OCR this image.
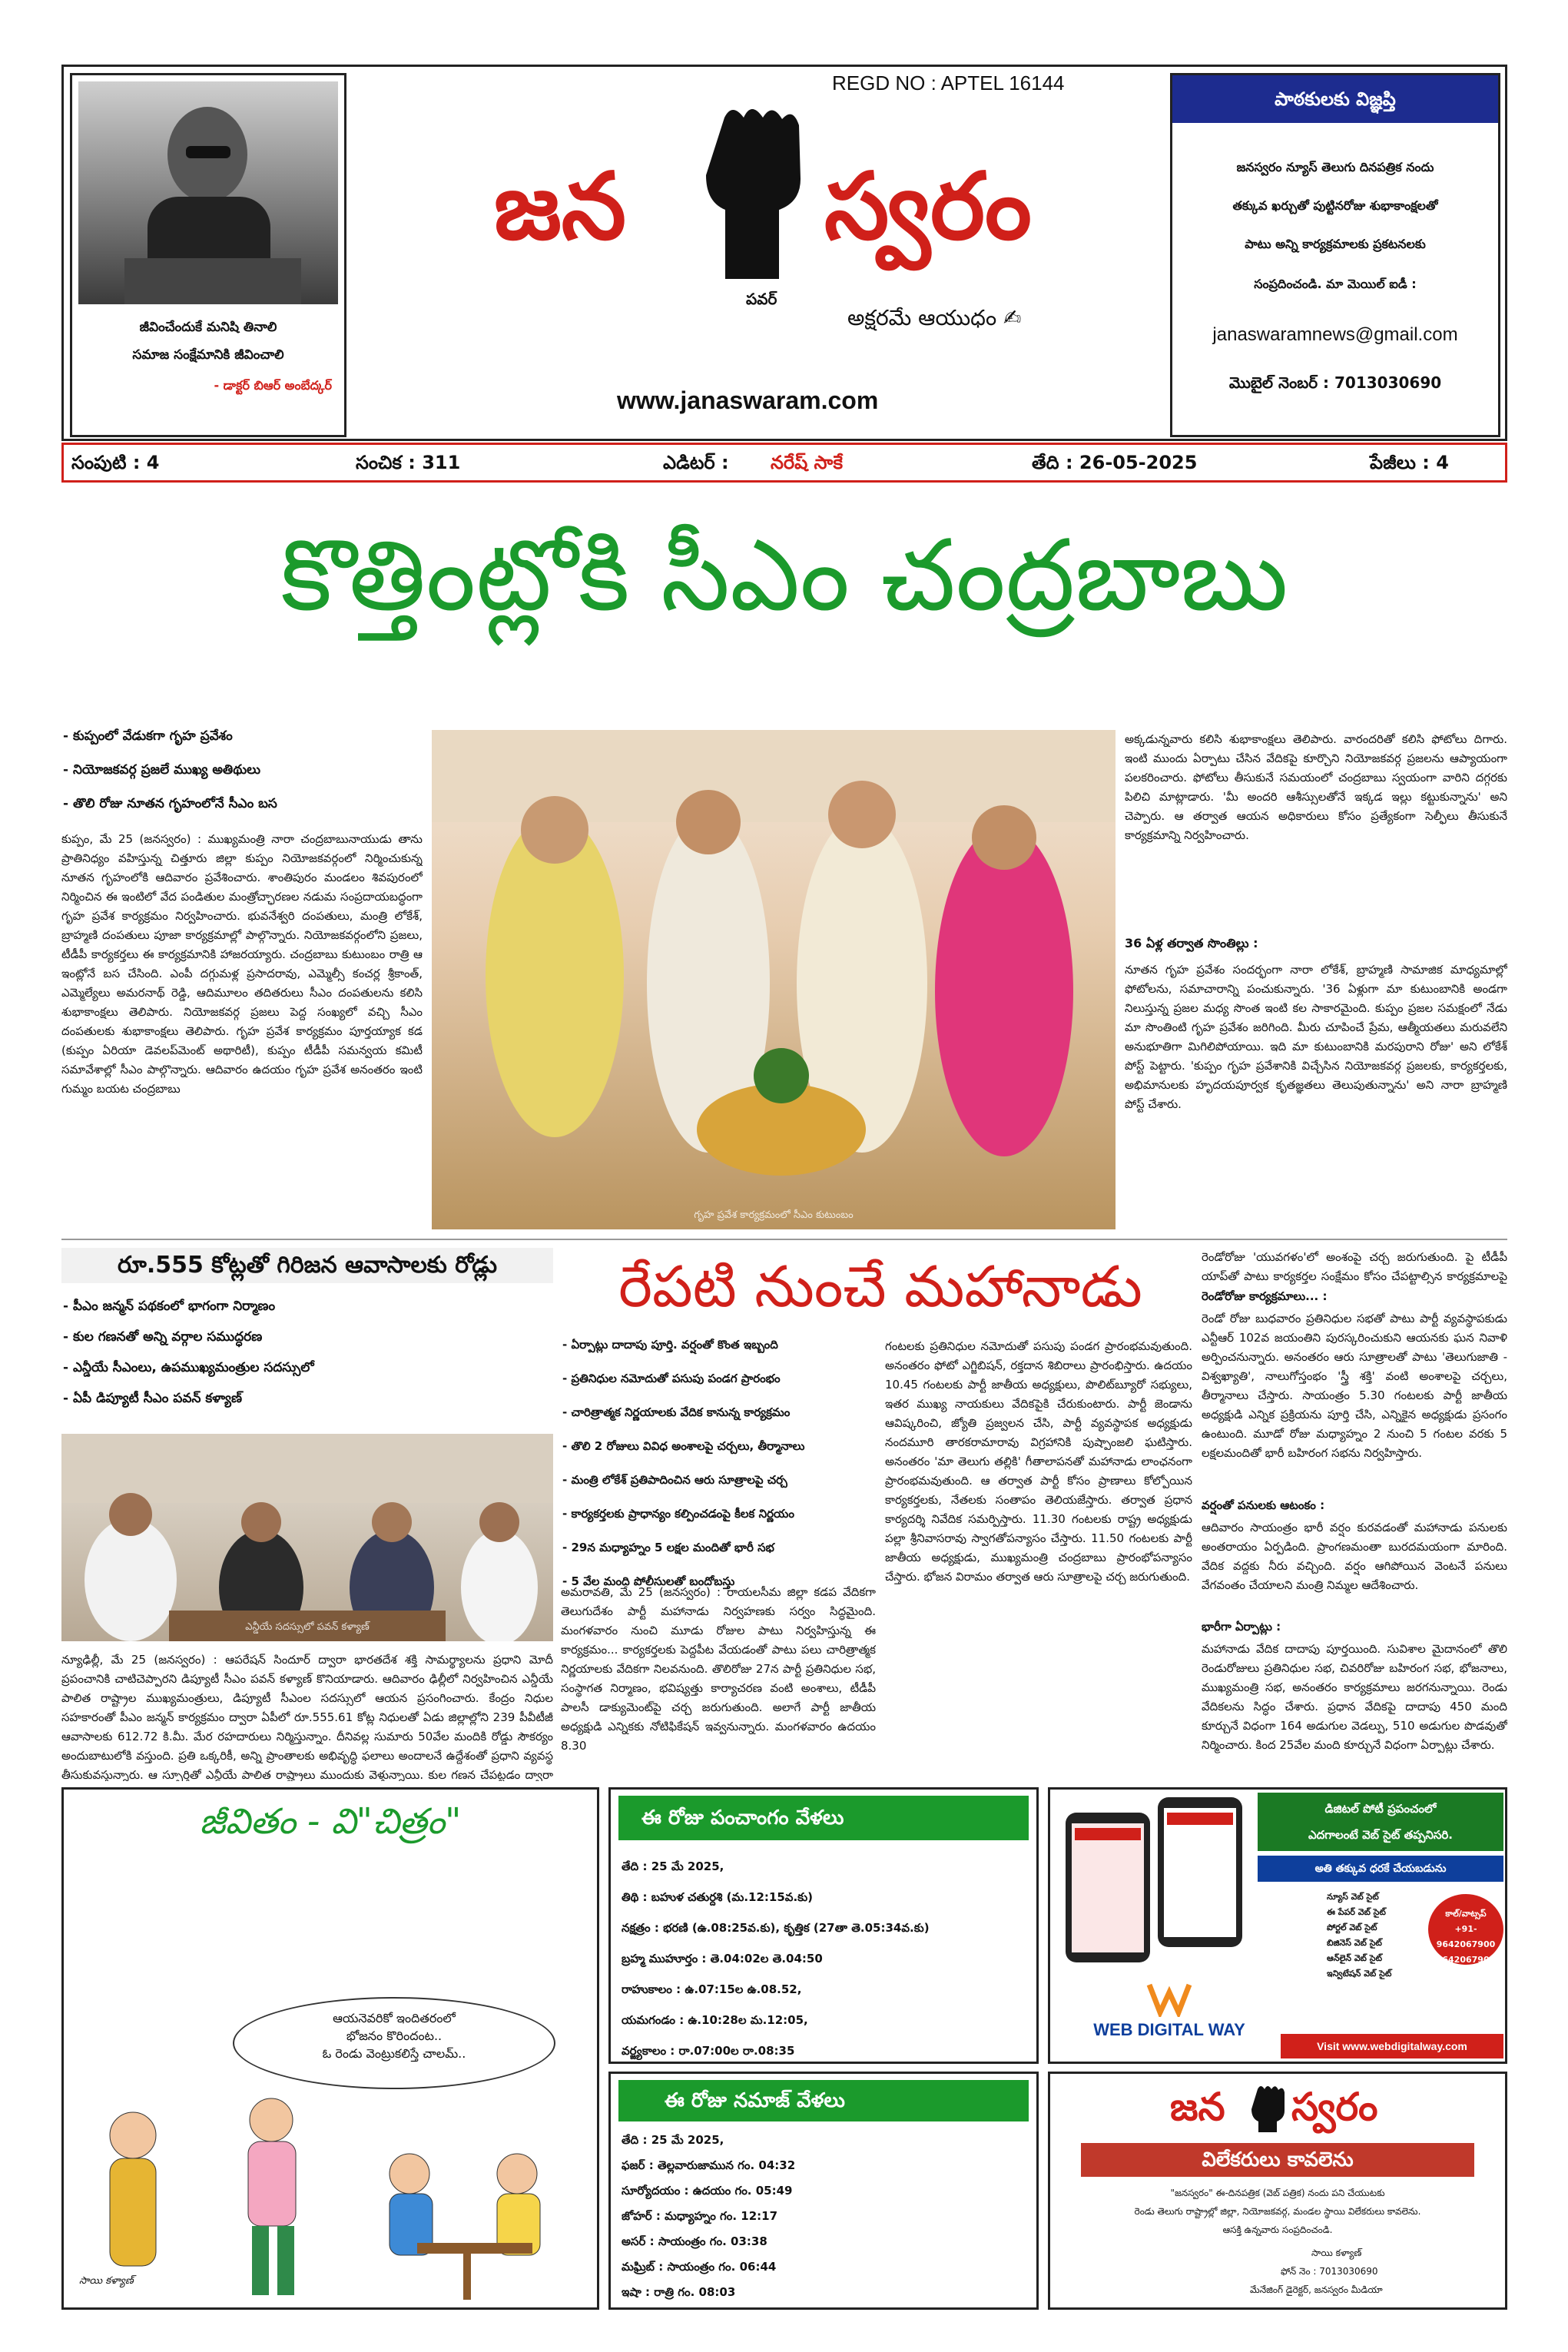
జీవించేందుకే మనిషి తినాలి

సమాజ సంక్షేమానికి జీవించాలి

- డాక్టర్ బిఆర్ అంబేద్కర్

REGD NO : APTEL 16144

జన స్వరం

పవర్

అక్షరమే ఆయుధం ✍

www.janaswaram.com

పాఠకులకు విజ్ఞప్తి

జనస్వరం న్యూస్ తెలుగు దినపత్రిక నందు

తక్కువ ఖర్చుతో పుట్టినరోజు శుభాకాంక్షలతో

పాటు అన్ని కార్యక్రమాలకు ప్రకటనలకు

సంప్రదించండి. మా మెయిల్ ఐడీ :

janaswaramnews@gmail.com

మొబైల్ నెంబర్ : 7013030690

సంపుటి : 4	సంచిక : 311	ఎడిటర్ : నరేష్ సాకే	తేది : 26-05-2025	పేజీలు : 4
కొత్తింట్లోకి సీఎం చంద్రబాబు
- కుప్పంలో వేడుకగా గృహ ప్రవేశం
- నియోజకవర్గ ప్రజలే ముఖ్య అతిథులు
- తొలి రోజు నూతన గృహంలోనే సీఎం బస

కుప్పం, మే 25 (జనస్వరం) : ముఖ్యమంత్రి నారా చంద్రబాబునాయుడు తాను ప్రాతినిధ్యం వహిస్తున్న చిత్తూరు జిల్లా కుప్పం నియోజకవర్గంలో నిర్మించుకున్న నూతన గృహంలోకి ఆదివారం ప్రవేశించారు. శాంతిపురం మండలం శివపురంలో నిర్మించిన ఈ ఇంటిలో వేద పండితుల మంత్రోచ్ఛారణల నడుమ సంప్రదాయబద్ధంగా గృహ ప్రవేశ కార్యక్రమం నిర్వహించారు. భువనేశ్వరి దంపతులు, మంత్రి లోకేశ్, బ్రాహ్మణి దంపతులు పూజా కార్యక్రమాల్లో పాల్గొన్నారు. నియోజకవర్గంలోని ప్రజలు, టీడీపీ కార్యకర్తలు ఈ కార్యక్రమానికి హాజరయ్యారు. చంద్రబాబు కుటుంబం రాత్రి ఆ ఇంట్లోనే బస చేసింది. ఎంపీ దగ్గుమళ్ల ప్రసాదరావు, ఎమ్మెల్సీ కంచర్ల శ్రీకాంత్, ఎమ్మెల్యేలు అమరనాథ్ రెడ్డి, ఆదిమూలం తదితరులు సీఎం దంపతులను కలిసి శుభాకాంక్షలు తెలిపారు. నియోజకవర్గ ప్రజలు పెద్ద సంఖ్యలో వచ్చి సీఎం దంపతులకు శుభాకాంక్షలు తెలిపారు. గృహ ప్రవేశ కార్యక్రమం పూర్తయ్యాక కడ (కుప్పం ఏరియా డెవలప్‌మెంట్ అథారిటీ), కుప్పం టీడీపీ సమన్వయ కమిటీ సమావేశాల్లో సీఎం పాల్గొన్నారు. ఆదివారం ఉదయం గృహ ప్రవేశ అనంతరం ఇంటి గుమ్మం బయట చంద్రబాబు

గృహ ప్రవేశ కార్యక్రమంలో సీఎం కుటుంబం

అక్కడున్నవారు కలిసి శుభాకాంక్షలు తెలిపారు. వారందరితో కలిసి ఫోటోలు దిగారు. ఇంటి ముందు ఏర్పాటు చేసిన వేదికపై కూర్చొని నియోజకవర్గ ప్రజలను ఆప్యాయంగా పలకరించారు. ఫోటోలు తీసుకునే సమయంలో చంద్రబాబు స్వయంగా వారిని దగ్గరకు పిలిచి మాట్లాడారు. 'మీ అందరి ఆశీస్సులతోనే ఇక్కడ ఇల్లు కట్టుకున్నాను' అని చెప్పారు. ఆ తర్వాత ఆయన అధికారులు కోసం ప్రత్యేకంగా సెల్ఫీలు తీసుకునే కార్యక్రమాన్ని నిర్వహించారు.

36 ఏళ్ల తర్వాత సొంతిల్లు :

నూతన గృహ ప్రవేశం సందర్భంగా నారా లోకేశ్, బ్రాహ్మణి సామాజిక మాధ్యమాల్లో ఫోటోలను, సమాచారాన్ని పంచుకున్నారు. '36 ఏళ్లుగా మా కుటుంబానికి అండగా నిలుస్తున్న ప్రజల మధ్య సొంత ఇంటి కల సాకారమైంది. కుప్పం ప్రజల సమక్షంలో నేడు మా సొంతింటి గృహ ప్రవేశం జరిగింది. మీరు చూపించే ప్రేమ, ఆత్మీయతలు మరువలేని అనుభూతిగా మిగిలిపోయాయి. ఇది మా కుటుంబానికి మరపురాని రోజు' అని లోకేశ్ పోస్ట్ పెట్టారు. 'కుప్పం గృహ ప్రవేశానికి విచ్చేసిన నియోజకవర్గ ప్రజలకు, కార్యకర్తలకు, అభిమానులకు హృదయపూర్వక కృతజ్ఞతలు తెలుపుతున్నాను' అని నారా బ్రాహ్మణి పోస్ట్ చేశారు.

రూ.555 కోట్లతో గిరిజన ఆవాసాలకు రోడ్లు
- పీఎం జన్మన్ పథకంలో భాగంగా నిర్మాణం
- కుల గణనతో అన్ని వర్గాల సముద్ధరణ
- ఎన్డీయే సీఎంలు, ఉపముఖ్యమంత్రుల సదస్సులో
- ఏపీ డిప్యూటీ సీఎం పవన్ కళ్యాణ్
ఎన్డీయే సదస్సులో పవన్ కళ్యాణ్

న్యూఢిల్లీ, మే 25 (జనస్వరం) : ఆపరేషన్ సిందూర్ ద్వారా భారతదేశ శక్తి సామర్థ్యాలను ప్రధాని మోదీ ప్రపంచానికి చాటిచెప్పారని డిప్యూటీ సీఎం పవన్ కళ్యాణ్ కొనియాడారు. ఆదివారం ఢిల్లీలో నిర్వహించిన ఎన్డీయే పాలిత రాష్ట్రాల ముఖ్యమంత్రులు, డిప్యూటీ సీఎంల సదస్సులో ఆయన ప్రసంగించారు. కేంద్రం నిధుల సహకారంతో పీఎం జన్మన్ కార్యక్రమం ద్వారా ఏపీలో రూ.555.61 కోట్ల నిధులతో ఏడు జిల్లాల్లోని 239 పీవీటీజీ ఆవాసాలకు 612.72 కి.మీ. మేర రహదారులు నిర్మిస్తున్నాం. దీనివల్ల సుమారు 50వేల మందికి రోడ్డు సౌకర్యం అందుబాటులోకి వస్తుంది. ప్రతి ఒక్కరికీ, అన్ని ప్రాంతాలకు అభివృద్ధి ఫలాలు అందాలనే ఉద్దేశంతో ప్రధాని వ్యవస్థ తీసుకువస్తున్నారు. ఆ స్ఫూర్తితో ఎన్డీయే పాలిత రాష్ట్రాలు ముందుకు వెళ్తున్నాయి. కుల గణన చేపట్టడం ద్వారా

రేపటి నుంచే మహానాడు
- ఏర్పాట్లు దాదాపు పూర్తి. వర్షంతో కొంత ఇబ్బంది
- ప్రతినిధుల నమోదుతో పసుపు పండగ ప్రారంభం
- చారిత్రాత్మక నిర్ణయాలకు వేదిక కానున్న కార్యక్రమం
- తొలి 2 రోజులు వివిధ అంశాలపై చర్చలు, తీర్మానాలు
- మంత్రి లోకేశ్ ప్రతిపాదించిన ఆరు సూత్రాలపై చర్చ
- కార్యకర్తలకు ప్రాధాన్యం కల్పించడంపై కీలక నిర్ణయం
- 29న మధ్యాహ్నం 5 లక్షల మందితో భారీ సభ
- 5 వేల మంది పోలీసులతో బందోబస్తు

అమరావతి, మే 25 (జనస్వరం) : రాయలసీమ జిల్లా కడప వేదికగా తెలుగుదేశం పార్టీ మహానాడు నిర్వహణకు సర్వం సిద్ధమైంది. మంగళవారం నుంచి మూడు రోజుల పాటు నిర్వహిస్తున్న ఈ కార్యక్రమం... కార్యకర్తలకు పెద్దపీట వేయడంతో పాటు పలు చారిత్రాత్మక నిర్ణయాలకు వేదికగా నిలవనుంది. తొలిరోజు 27న పార్టీ ప్రతినిధుల సభ, సంస్థాగత నిర్మాణం, భవిష్యత్తు కార్యాచరణ వంటి అంశాలు, టీడీపీ పాలసీ డాక్యుమెంట్‌పై చర్చ జరుగుతుంది. అలాగే పార్టీ జాతీయ అధ్యక్షుడి ఎన్నికకు నోటిఫికేషన్ ఇవ్వనున్నారు. మంగళవారం ఉదయం 8.30

గంటలకు ప్రతినిధుల నమోదుతో పసుపు పండగ ప్రారంభమవుతుంది. అనంతరం ఫోటో ఎగ్జిబిషన్, రక్తదాన శిబిరాలు ప్రారంభిస్తారు. ఉదయం 10.45 గంటలకు పార్టీ జాతీయ అధ్యక్షులు, పొలిట్‌బ్యూరో సభ్యులు, ఇతర ముఖ్య నాయకులు వేదికపైకి చేరుకుంటారు. పార్టీ జెండాను ఆవిష్కరించి, జ్యోతి ప్రజ్వలన చేసి, పార్టీ వ్యవస్థాపక అధ్యక్షుడు నందమూరి తారకరామారావు విగ్రహానికి పుష్పాంజలి ఘటిస్తారు. అనంతరం 'మా తెలుగు తల్లికి' గీతాలాపనతో మహానాడు లాంఛనంగా ప్రారంభమవుతుంది. ఆ తర్వాత పార్టీ కోసం ప్రాణాలు కోల్పోయిన కార్యకర్తలకు, నేతలకు సంతాపం తెలియజేస్తారు. తర్వాత ప్రధాన కార్యదర్శి నివేదిక సమర్పిస్తారు. 11.30 గంటలకు రాష్ట్ర అధ్యక్షుడు పల్లా శ్రీనివాసరావు స్వాగతోపన్యాసం చేస్తారు. 11.50 గంటలకు పార్టీ జాతీయ అధ్యక్షుడు, ముఖ్యమంత్రి చంద్రబాబు ప్రారంభోపన్యాసం చేస్తారు. భోజన విరామం తర్వాత ఆరు సూత్రాలపై చర్చ జరుగుతుంది.

రెండోరోజు 'యువగళం'లో అంశంపై చర్చ జరుగుతుంది. పై టీడీపీ యాప్‌తో పాటు కార్యకర్తల సంక్షేమం కోసం చేపట్టాల్సిన కార్యక్రమాలపై

రెండోరోజు కార్యక్రమాలు... :

రెండో రోజు బుధవారం ప్రతినిధుల సభతో పాటు పార్టీ వ్యవస్థాపకుడు ఎన్టీఆర్ 102వ జయంతిని పురస్కరించుకుని ఆయనకు ఘన నివాళి అర్పించనున్నారు. అనంతరం ఆరు సూత్రాలతో పాటు 'తెలుగుజాతి - విశ్వఖ్యాతి', నాలుగోస్తంభం 'స్త్రీ శక్తి' వంటి అంశాలపై చర్చలు, తీర్మానాలు చేస్తారు. సాయంత్రం 5.30 గంటలకు పార్టీ జాతీయ అధ్యక్షుడి ఎన్నిక ప్రక్రియను పూర్తి చేసి, ఎన్నికైన అధ్యక్షుడు ప్రసంగం ఉంటుంది. మూడో రోజు మధ్యాహ్నం 2 నుంచి 5 గంటల వరకు 5 లక్షలమందితో భారీ బహిరంగ సభను నిర్వహిస్తారు.

వర్షంతో పనులకు ఆటంకం :

ఆదివారం సాయంత్రం భారీ వర్షం కురవడంతో మహానాడు పనులకు అంతరాయం ఏర్పడింది. ప్రాంగణమంతా బురదమయంగా మారింది. వేదిక వద్దకు నీరు వచ్చింది. వర్షం ఆగిపోయిన వెంటనే పనులు వేగవంతం చేయాలని మంత్రి నిమ్మల ఆదేశించారు.

భారీగా ఏర్పాట్లు :

మహానాడు వేదిక దాదాపు పూర్తయింది. సువిశాల మైదానంలో తొలి రెండురోజులు ప్రతినిధుల సభ, చివరిరోజు బహిరంగ సభ, భోజనాలు, ముఖ్యమంత్రి సభ, అనంతరం కార్యక్రమాలు జరగనున్నాయి. రెండు వేదికలను సిద్ధం చేశారు. ప్రధాన వేదికపై దాదాపు 450 మంది కూర్చునే విధంగా 164 అడుగుల వెడల్పు, 510 అడుగుల పొడవుతో నిర్మించారు. కింద 25వేల మంది కూర్చునే విధంగా ఏర్పాట్లు చేశారు.

జీవితం - వి"చిత్రం"

ఆయనెవరికో ఇందితరంలో

భోజనం కొరిందంట..

ఓ రెండు వెంట్రుకలిస్తే చాలమ్..

సాయి కళ్యాణ్

ఈ రోజు పంచాంగం వేళలు
తేది : 25 మే 2025,
తిథి : బహుళ చతుర్దశి (మ.12:15వ.కు)
నక్షత్రం : భరణి (ఉ.08:25వ.కు), కృత్తిక (27తా తె.05:34వ.కు)
బ్రహ్మ ముహూర్తం : తె.04:02ల తె.04:50
రాహుకాలం : ఉ.07:15ల ఉ.08.52,
యమగండం : ఉ.10:28ల మ.12:05,
వర్జ్యకాలం : రా.07:00ల రా.08:35
ఈ రోజు నమాజ్ వేళలు
తేది : 25 మే 2025,
ఫజర్ : తెల్లవారుజామున గం. 04:32
సూర్యోదయం : ఉదయం గం. 05:49
జోహర్ : మధ్యాహ్నం గం. 12:17
అసర్ : సాయంత్రం గం. 03:38
మఘ్రిబ్ : సాయంత్రం గం. 06:44
ఇషా : రాత్రి గం. 08:03
డిజిటల్ పోటీ ప్రపంచంలో
ఎదగాలంటే వెబ్ సైట్ తప్పనిసరి.
అతి తక్కువ ధరకే చేయబడును
న్యూస్ వెబ్ సైట్
ఈ పేపర్ వెబ్ సైట్
పోర్టల్ వెబ్ సైట్
బిజినెస్ వెబ్ సైట్
ఆన్‌లైన్ వెబ్ సైట్
ఇన్విటేషన్ వెబ్ సైట్
కాల్/వాట్సప్
+91-9642067900
9642067900
WEB DIGITAL WAY
Visit www.webdigitalway.com
జన స్వరం
విలేకరులు కావలెను

"జనస్వరం" ఈ-దినపత్రిక (వెబ్ పత్రిక) నందు పని చేయుటకు

రెండు తెలుగు రాష్ట్రాల్లో జిల్లా, నియోజకవర్గ, మండల స్థాయి విలేకరులు కావలెను.

ఆసక్తి ఉన్నవారు సంప్రదించండి.

సాయి కళ్యాణ్

ఫోన్ నెం : 7013030690

మేనేజింగ్ డైరెక్టర్, జనస్వరం మీడియా
